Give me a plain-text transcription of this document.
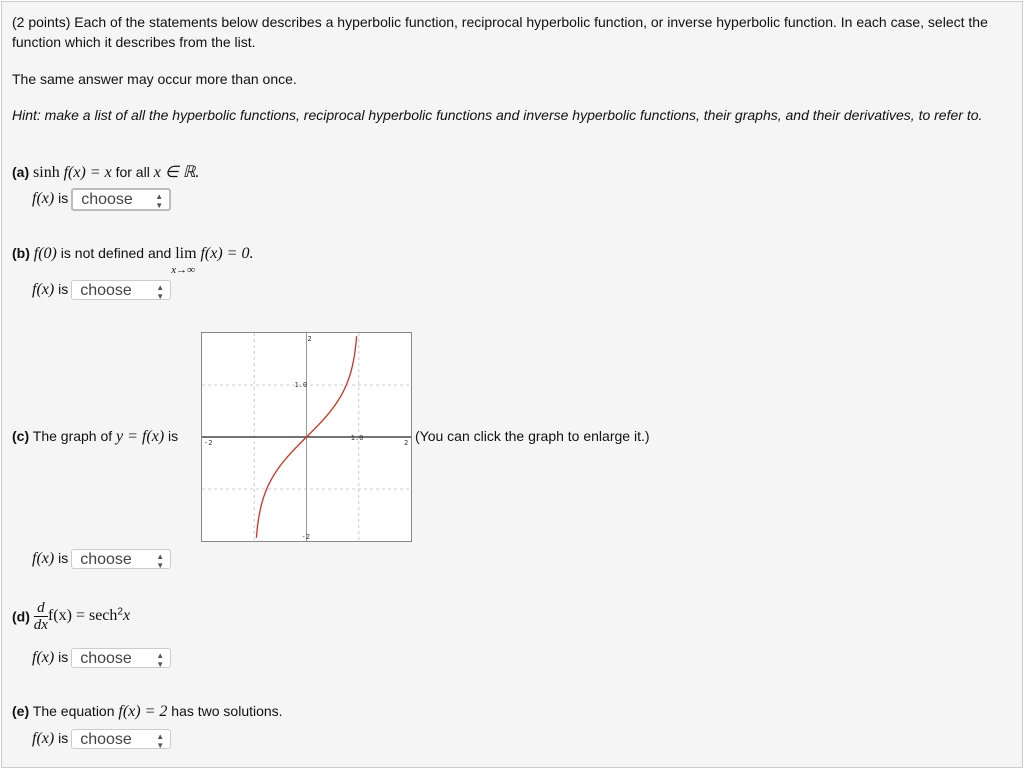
(2 points) Each of the statements below describes a hyperbolic function, reciprocal hyperbolic function, or inverse hyperbolic function. In each case, select the function which it describes from the list.

The same answer may occur more than once.

Hint: make a list of all the hyperbolic functions, reciprocal hyperbolic functions and inverse hyperbolic functions, their graphs, and their derivatives, to refer to.

(a) sinh f(x) = x for all x ∈ ℝ.

f(x) is choose	▲
▼

(b) f(0) is not defined and lim
x→∞
f(x) = 0.

f(x) is choose	▲
▼

(c) The graph of y = f(x) is	(You can click the graph to enlarge it.)

f(x) is choose	▲
▼

$(d) \frac{d}{dx} f(x) = \sec h^2x$

f(x) is choose	▲
▼

(e) The equation f(x) = 2 has two solutions.

f(x) is choose	▲
▼

-2	2
1.0
2
-2
1.0
